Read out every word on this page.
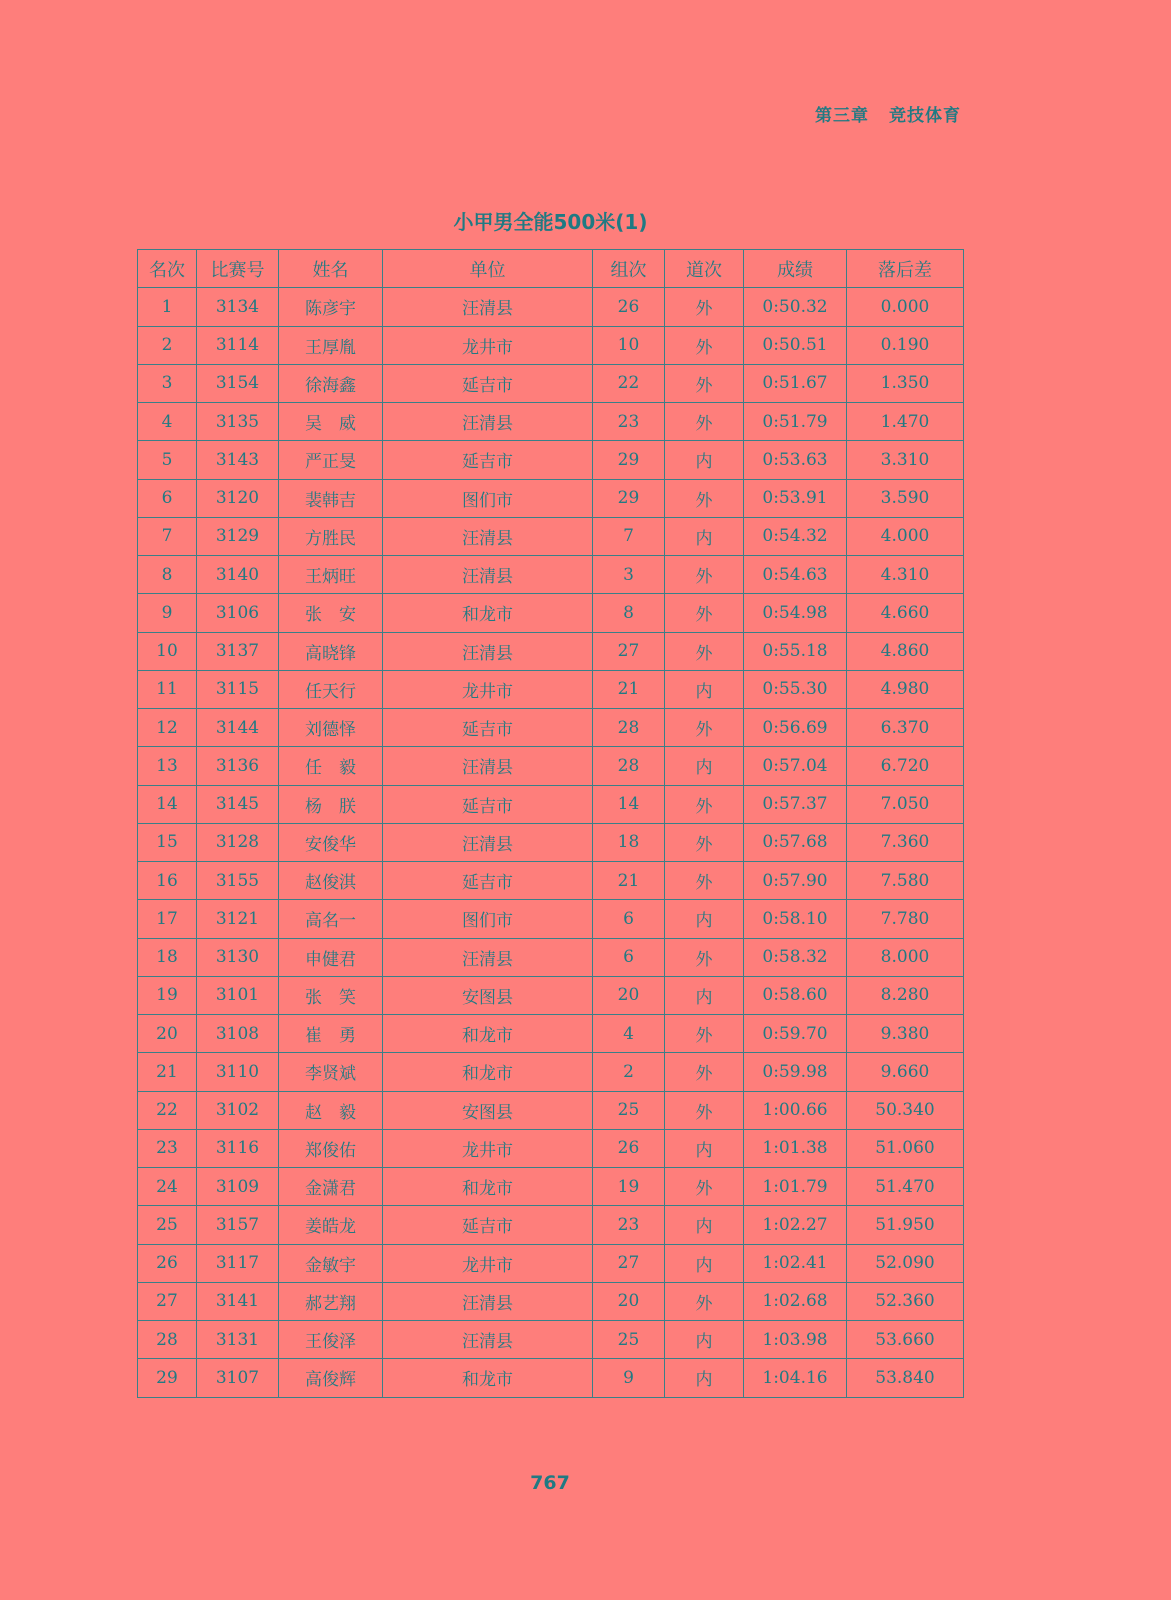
第三章 竞技体育
小甲男全能500米(1)
名次	比赛号	姓名	单位	组次	道次	成绩	落后差
1	3134	陈彦宇	汪清县	26	外	0:50.32	0.000
2	3114	王厚胤	龙井市	10	外	0:50.51	0.190
3	3154	徐海鑫	延吉市	22	外	0:51.67	1.350
4	3135	吴　威	汪清县	23	外	0:51.79	1.470
5	3143	严正旻	延吉市	29	内	0:53.63	3.310
6	3120	裴韩吉	图们市	29	外	0:53.91	3.590
7	3129	方胜民	汪清县	7	内	0:54.32	4.000
8	3140	王炳旺	汪清县	3	外	0:54.63	4.310
9	3106	张　安	和龙市	8	外	0:54.98	4.660
10	3137	高晓锋	汪清县	27	外	0:55.18	4.860
11	3115	任天行	龙井市	21	内	0:55.30	4.980
12	3144	刘德怿	延吉市	28	外	0:56.69	6.370
13	3136	任　毅	汪清县	28	内	0:57.04	6.720
14	3145	杨　朕	延吉市	14	外	0:57.37	7.050
15	3128	安俊华	汪清县	18	外	0:57.68	7.360
16	3155	赵俊淇	延吉市	21	外	0:57.90	7.580
17	3121	高名一	图们市	6	内	0:58.10	7.780
18	3130	申健君	汪清县	6	外	0:58.32	8.000
19	3101	张　笑	安图县	20	内	0:58.60	8.280
20	3108	崔　勇	和龙市	4	外	0:59.70	9.380
21	3110	李贤斌	和龙市	2	外	0:59.98	9.660
22	3102	赵　毅	安图县	25	外	1:00.66	50.340
23	3116	郑俊佑	龙井市	26	内	1:01.38	51.060
24	3109	金潇君	和龙市	19	外	1:01.79	51.470
25	3157	姜皓龙	延吉市	23	内	1:02.27	51.950
26	3117	金敏宇	龙井市	27	内	1:02.41	52.090
27	3141	郝艺翔	汪清县	20	外	1:02.68	52.360
28	3131	王俊泽	汪清县	25	内	1:03.98	53.660
29	3107	高俊辉	和龙市	9	内	1:04.16	53.840
767
